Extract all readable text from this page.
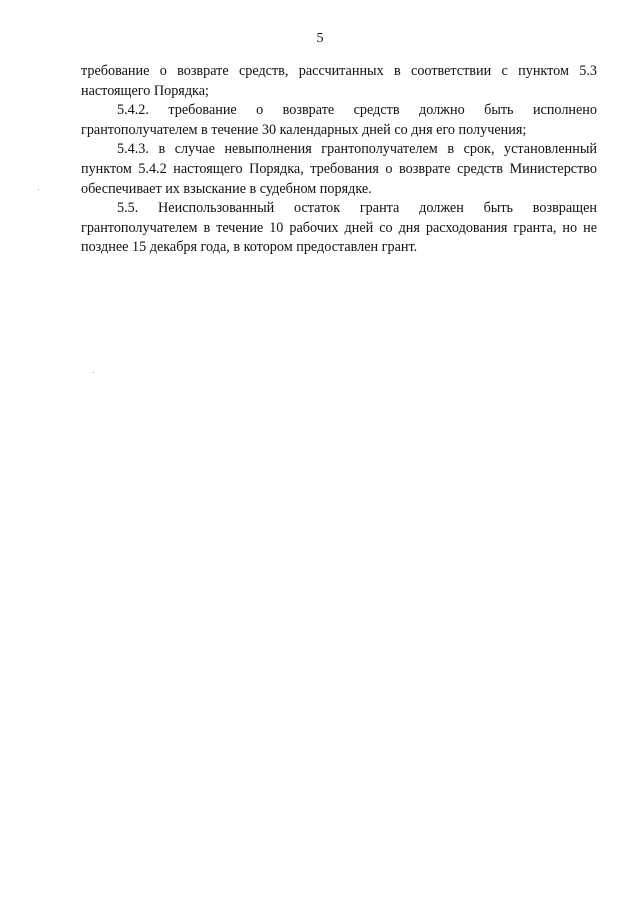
5

требование о возврате средств, рассчитанных в соответствии с пунктом 5.3 настоящего Порядка;

5.4.2. требование о возврате средств должно быть исполнено грантополучателем в течение 30 календарных дней со дня его получения;

5.4.3. в случае невыполнения грантополучателем в срок, установленный пунктом 5.4.2 настоящего Порядка, требования о возврате средств Министерство обеспечивает их взыскание в судебном порядке.

5.5. Неиспользованный остаток гранта должен быть возвращен грантополучателем в течение 10 рабочих дней со дня расходования гранта, но не позднее 15 декабря года, в котором предоставлен грант.
